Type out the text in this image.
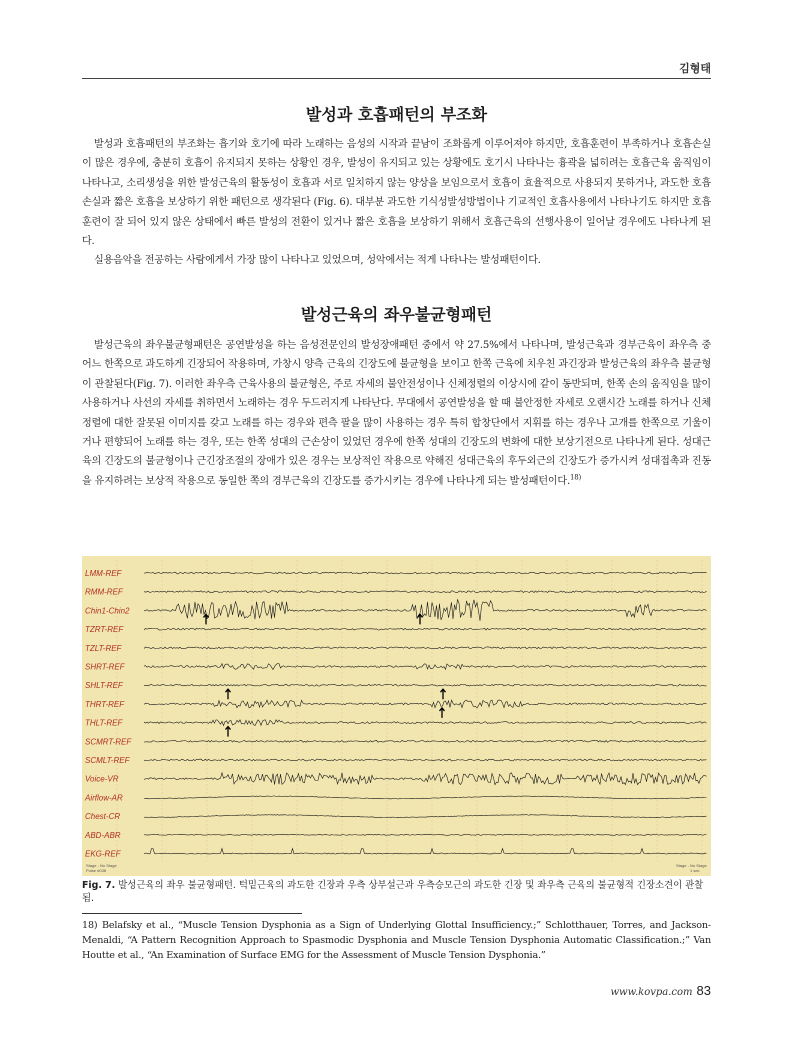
김형태
발성과 호흡패턴의 부조화

발성과 호흡패턴의 부조화는 흡기와 호기에 따라 노래하는 음성의 시작과 끝남이 조화롭게 이루어져야 하지만, 호흡훈련이 부족하거나 호흡손실이 많은 경우에, 충분히 호흡이 유지되지 못하는 상황인 경우, 발성이 유지되고 있는 상황에도 호기시 나타나는 흉곽을 넓히려는 호흡근육 움직임이 나타나고, 소리생성을 위한 발성근육의 활동성이 호흡과 서로 일치하지 않는 양상을 보임으로서 호흡이 효율적으로 사용되지 못하거나, 과도한 호흡 손실과 짧은 호흡을 보상하기 위한 패턴으로 생각된다 (Fig. 6). 대부분 과도한 기식성발성방법이나 기교적인 호흡사용에서 나타나기도 하지만 호흡훈련이 잘 되어 있지 않은 상태에서 빠른 발성의 전환이 있거나 짧은 호흡을 보상하기 위해서 호흡근육의 선행사용이 일어날 경우에도 나타나게 된다.

실용음악을 전공하는 사람에게서 가장 많이 나타나고 있었으며, 성악에서는 적게 나타나는 발성패턴이다.

발성근육의 좌우불균형패턴

발성근육의 좌우불균형패턴은 공연발성을 하는 음성전문인의 발성장애패턴 중에서 약 27.5%에서 나타나며, 발성근육과 경부근육이 좌우측 중 어느 한쪽으로 과도하게 긴장되어 작용하며, 가창시 양측 근육의 긴장도에 불균형을 보이고 한쪽 근육에 치우친 과긴장과 발성근육의 좌우측 불균형이 관찰된다(Fig. 7). 이러한 좌우측 근육사용의 불균형은, 주로 자세의 불안전성이나 신체정렬의 이상시에 같이 동반되며, 한쪽 손의 움직임을 많이 사용하거나 사선의 자세를 취하면서 노래하는 경우 두드러지게 나타난다. 무대에서 공연발성을 할 때 불안정한 자세로 오랜시간 노래를 하거나 신체정렬에 대한 잘못된 이미지를 갖고 노래를 하는 경우와 편측 팔을 많이 사용하는 경우 특히 합창단에서 지휘를 하는 경우나 고개를 한쪽으로 기울이거나 편향되어 노래를 하는 경우, 또는 한쪽 성대의 근손상이 있었던 경우에 한쪽 성대의 긴장도의 변화에 대한 보상기전으로 나타나게 된다. 성대근육의 긴장도의 불균형이나 근긴장조절의 장애가 있은 경우는 보상적인 작용으로 약해진 성대근육의 후두외근의 긴장도가 증가시켜 성대접촉과 진동을 유지하려는 보상적 작용으로 동일한 쪽의 경부근육의 긴장도를 증가시키는 경우에 나타나게 되는 발성패턴이다.$^{18)}$

LMM-REF
RMM-REF
Chin1-Chin2
TZRT-REF
TZLT-REF
SHRT-REF
SHLT-REF
THRT-REF
THLT-REF
SCMRT-REF
SCMLT-REF
Voice-VR
Airflow-AR
Chest-CR
ABD-ABR
EKG-REF
Stage - No Stage
Pulse #038
Stage - No Stage
1 sec
Fig. 7. 발성근육의 좌우 불균형패턴. 턱밑근육의 과도한 긴장과 우측 상부설근과 우측승모근의 과도한 긴장 및 좌우측 근육의 불균형적 긴장소견이 관찰됨.
18) Belafsky et al., “Muscle Tension Dysphonia as a Sign of Underlying Glottal Insufficiency.;” Schlotthauer, Torres, and Jackson-Menaldi, “A Pattern Recognition Approach to Spasmodic Dysphonia and Muscle Tension Dysphonia Automatic Classification.;” Van Houtte et al., “An Examination of Surface EMG for the Assessment of Muscle Tension Dysphonia.”
www.kovpa.com 83
